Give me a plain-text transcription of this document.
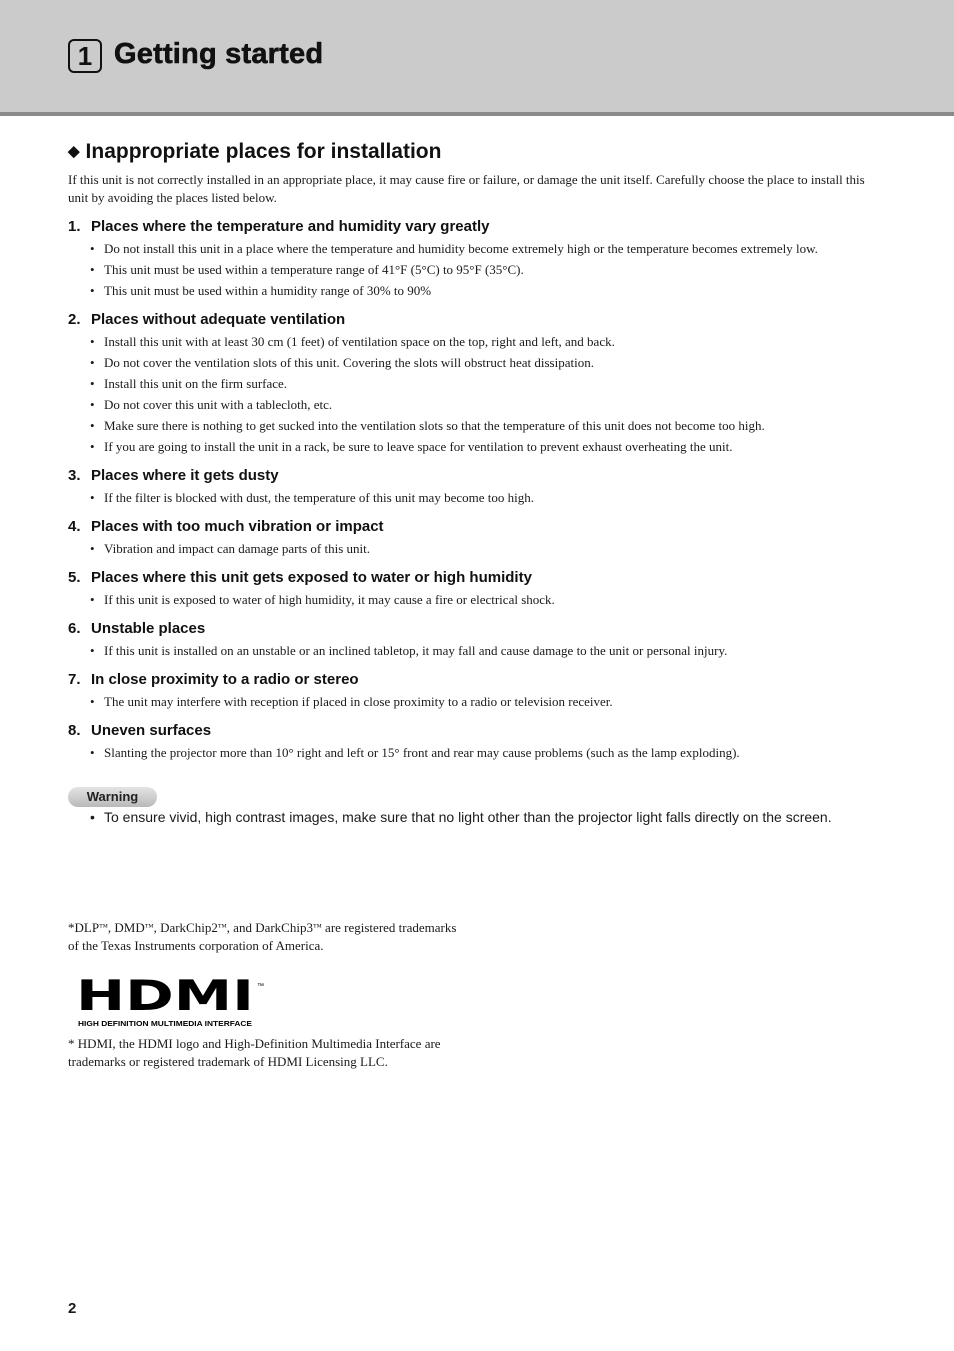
1 Getting started
◆ Inappropriate places for installation

If this unit is not correctly installed in an appropriate place, it may cause fire or failure, or damage the unit itself. Carefully choose the place to install this unit by avoiding the places listed below.

1. Places where the temperature and humidity vary greatly
• Do not install this unit in a place where the temperature and humidity become extremely high or the temperature becomes extremely low.
• This unit must be used within a temperature range of 41°F (5°C) to 95°F (35°C).
• This unit must be used within a humidity range of 30% to 90%
2. Places without adequate ventilation
• Install this unit with at least 30 cm (1 feet) of ventilation space on the top, right and left, and back.
• Do not cover the ventilation slots of this unit. Covering the slots will obstruct heat dissipation.
• Install this unit on the firm surface.
• Do not cover this unit with a tablecloth, etc.
• Make sure there is nothing to get sucked into the ventilation slots so that the temperature of this unit does not become too high.
• If you are going to install the unit in a rack, be sure to leave space for ventilation to prevent exhaust overheating the unit.
3. Places where it gets dusty
• If the filter is blocked with dust, the temperature of this unit may become too high.
4. Places with too much vibration or impact
• Vibration and impact can damage parts of this unit.
5. Places where this unit gets exposed to water or high humidity
• If this unit is exposed to water of high humidity, it may cause a fire or electrical shock.
6. Unstable places
• If this unit is installed on an unstable or an inclined tabletop, it may fall and cause damage to the unit or personal injury.
7. In close proximity to a radio or stereo
• The unit may interfere with reception if placed in close proximity to a radio or television receiver.
8. Uneven surfaces
• Slanting the projector more than 10° right and left or 15° front and rear may cause problems (such as the lamp exploding).
Warning
• To ensure vivid, high contrast images, make sure that no light other than the projector light falls directly on the screen.
*DLP™, DMD™, DarkChip2™, and DarkChip3™ are registered trademarks of the Texas Instruments corporation of America.
HDMI ™
HIGH DEFINITION MULTIMEDIA INTERFACE
* HDMI, the HDMI logo and High-Definition Multimedia Interface are trademarks or registered trademark of HDMI Licensing LLC.
2
